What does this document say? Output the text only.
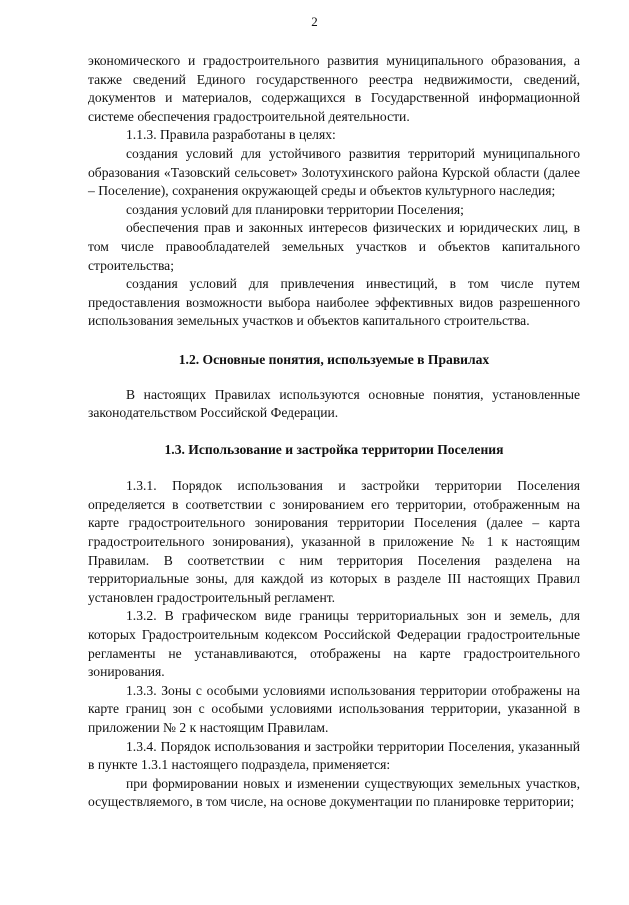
2

экономического и градостроительного развития муниципального образования, а также сведений Единого государственного реестра недвижимости, сведений, документов и материалов, содержащихся в Государственной информационной системе обеспечения градостроительной деятельности.

1.1.3. Правила разработаны в целях:

создания условий для устойчивого развития территорий муниципального образования «Тазовский сельсовет» Золотухинского района Курской области (далее – Поселение), сохранения окружающей среды и объектов культурного наследия;

создания условий для планировки территории Поселения;

обеспечения прав и законных интересов физических и юридических лиц, в том числе правообладателей земельных участков и объектов капитального строительства;

создания условий для привлечения инвестиций, в том числе путем предоставления возможности выбора наиболее эффективных видов разрешенного использования земельных участков и объектов капитального строительства.

1.2. Основные понятия, используемые в Правилах

В настоящих Правилах используются основные понятия, установленные законодательством Российской Федерации.

1.3. Использование и застройка территории Поселения

1.3.1. Порядок использования и застройки территории Поселения определяется в соответствии с зонированием его территории, отображенным на карте градостроительного зонирования территории Поселения (далее – карта градостроительного зонирования), указанной в приложение № 1 к настоящим Правилам. В соответствии с ним территория Поселения разделена на территориальные зоны, для каждой из которых в разделе III настоящих Правил установлен градостроительный регламент.

1.3.2. В графическом виде границы территориальных зон и земель, для которых Градостроительным кодексом Российской Федерации градостроительные регламенты не устанавливаются, отображены на карте градостроительного зонирования.

1.3.3. Зоны с особыми условиями использования территории отображены на карте границ зон с особыми условиями использования территории, указанной в приложении № 2 к настоящим Правилам.

1.3.4. Порядок использования и застройки территории Поселения, указанный в пункте 1.3.1 настоящего подраздела, применяется:

при формировании новых и изменении существующих земельных участков, осуществляемого, в том числе, на основе документации по планировке территории;
